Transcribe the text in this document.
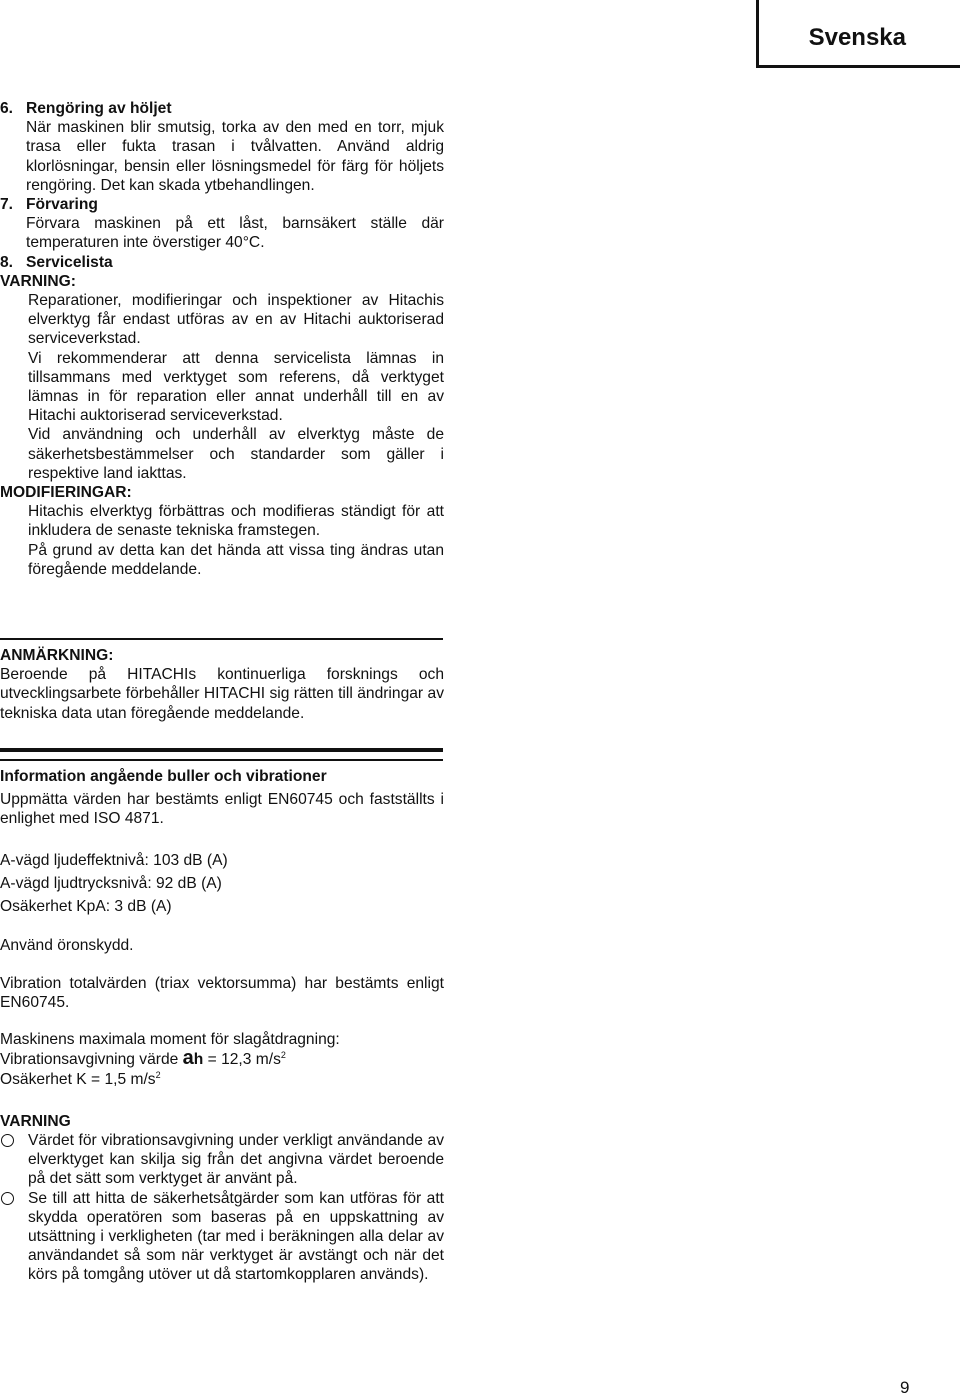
Svenska
6. Rengöring av höljet
När maskinen blir smutsig, torka av den med en torr, mjuk trasa eller fukta trasan i tvålvatten. Använd aldrig klorlösningar, bensin eller lösningsmedel för färg för höljets rengöring. Det kan skada ytbehandlingen.
7. Förvaring
Förvara maskinen på ett låst, barnsäkert ställe där temperaturen inte överstiger 40°C.
8. Servicelista
VARNING:
Reparationer, modifieringar och inspektioner av Hitachis elverktyg får endast utföras av en av Hitachi auktoriserad serviceverkstad.
Vi rekommenderar att denna servicelista lämnas in tillsammans med verktyget som referens, då verktyget lämnas in för reparation eller annat underhåll till en av Hitachi auktoriserad serviceverkstad.
Vid användning och underhåll av elverktyg måste de säkerhetsbestämmelser och standarder som gäller i respektive land iakttas.
MODIFIERINGAR:
Hitachis elverktyg förbättras och modifieras ständigt för att inkludera de senaste tekniska framstegen.
På grund av detta kan det hända att vissa ting ändras utan föregående meddelande.
ANMÄRKNING:
Beroende på HITACHIs kontinuerliga forsknings och utvecklingsarbete förbehåller HITACHI sig rätten till ändringar av tekniska data utan föregående meddelande.
Information angående buller och vibrationer
Uppmätta värden har bestämts enligt EN60745 och fastställts i enlighet med ISO 4871.
A-vägd ljudeffektnivå: 103 dB (A)
A-vägd ljudtrycksnivå: 92 dB (A)
Osäkerhet KpA: 3 dB (A)
Använd öronskydd.
Vibration totalvärden (triax vektorsumma) har bestämts enligt EN60745.
Maskinens maximala moment för slagåtdragning:
Vibrationsavgivning värde ah = 12,3 $m/s^2$
Osäkerhet K = 1,5 $m/s^2$
VARNING
Värdet för vibrationsavgivning under verkligt användande av elverktyget kan skilja sig från det angivna värdet beroende på det sätt som verktyget är använt på.
Se till att hitta de säkerhetsåtgärder som kan utföras för att skydda operatören som baseras på en uppskattning av utsättning i verkligheten (tar med i beräkningen alla delar av användandet så som när verktyget är avstängt och när det körs på tomgång utöver ut då startomkopplaren används).
9
